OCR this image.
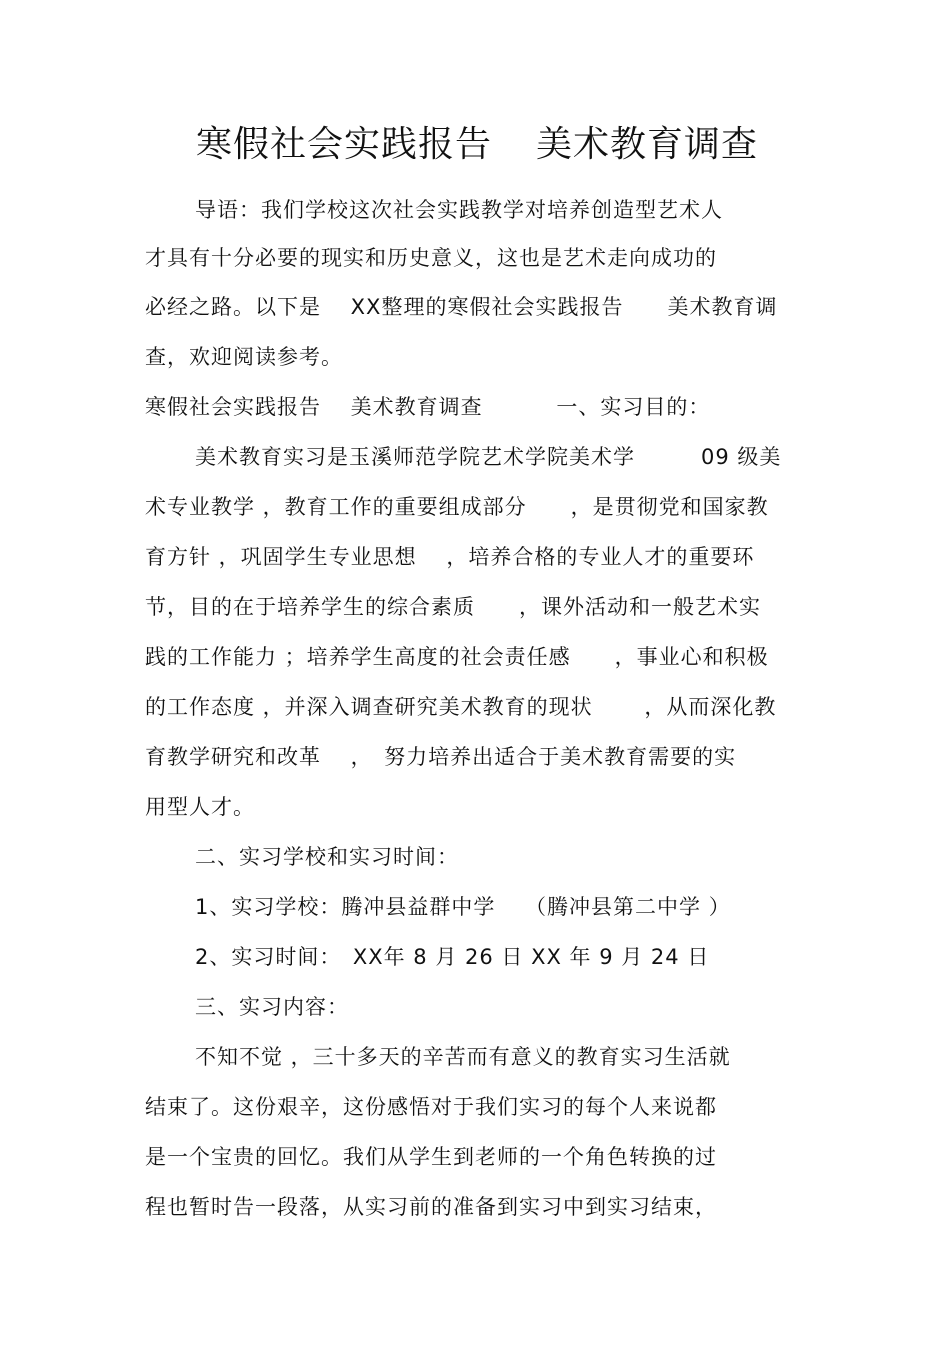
寒假社会实践报告 美术教育调查
导语：我们学校这次社会实践教学对培养创造型艺术人
才具有十分必要的现实和历史意义，这也是艺术走向成功的
必经之路。以下是　 XX整理的寒假社会实践报告　　美术教育调
查，欢迎阅读参考。
寒假社会实践报告　 美术教育调查　　　 一、实习目的：
美术教育实习是玉溪师范学院艺术学院美术学　　　09 级美
术专业教学 ，教育工作的重要组成部分　　，是贯彻党和国家教
育方针 ，巩固学生专业思想　 ，培养合格的专业人才的重要环
节，目的在于培养学生的综合素质　　，课外活动和一般艺术实
践的工作能力 ；培养学生高度的社会责任感　　，事业心和积极
的工作态度 ，并深入调查研究美术教育的现状　　 ，从而深化教
育教学研究和改革　 ，　努力培养出适合于美术教育需要的实
用型人才。
二、实习学校和实习时间：
1、实习学校：腾冲县益群中学　 （腾冲县第二中学 ）
2、实习时间：　XX年 8 月 26 日 XX 年 9 月 24 日
三、实习内容：
不知不觉 ，三十多天的辛苦而有意义的教育实习生活就
结束了。这份艰辛，这份感悟对于我们实习的每个人来说都
是一个宝贵的回忆。我们从学生到老师的一个角色转换的过
程也暂时告一段落，从实习前的准备到实习中到实习结束，
